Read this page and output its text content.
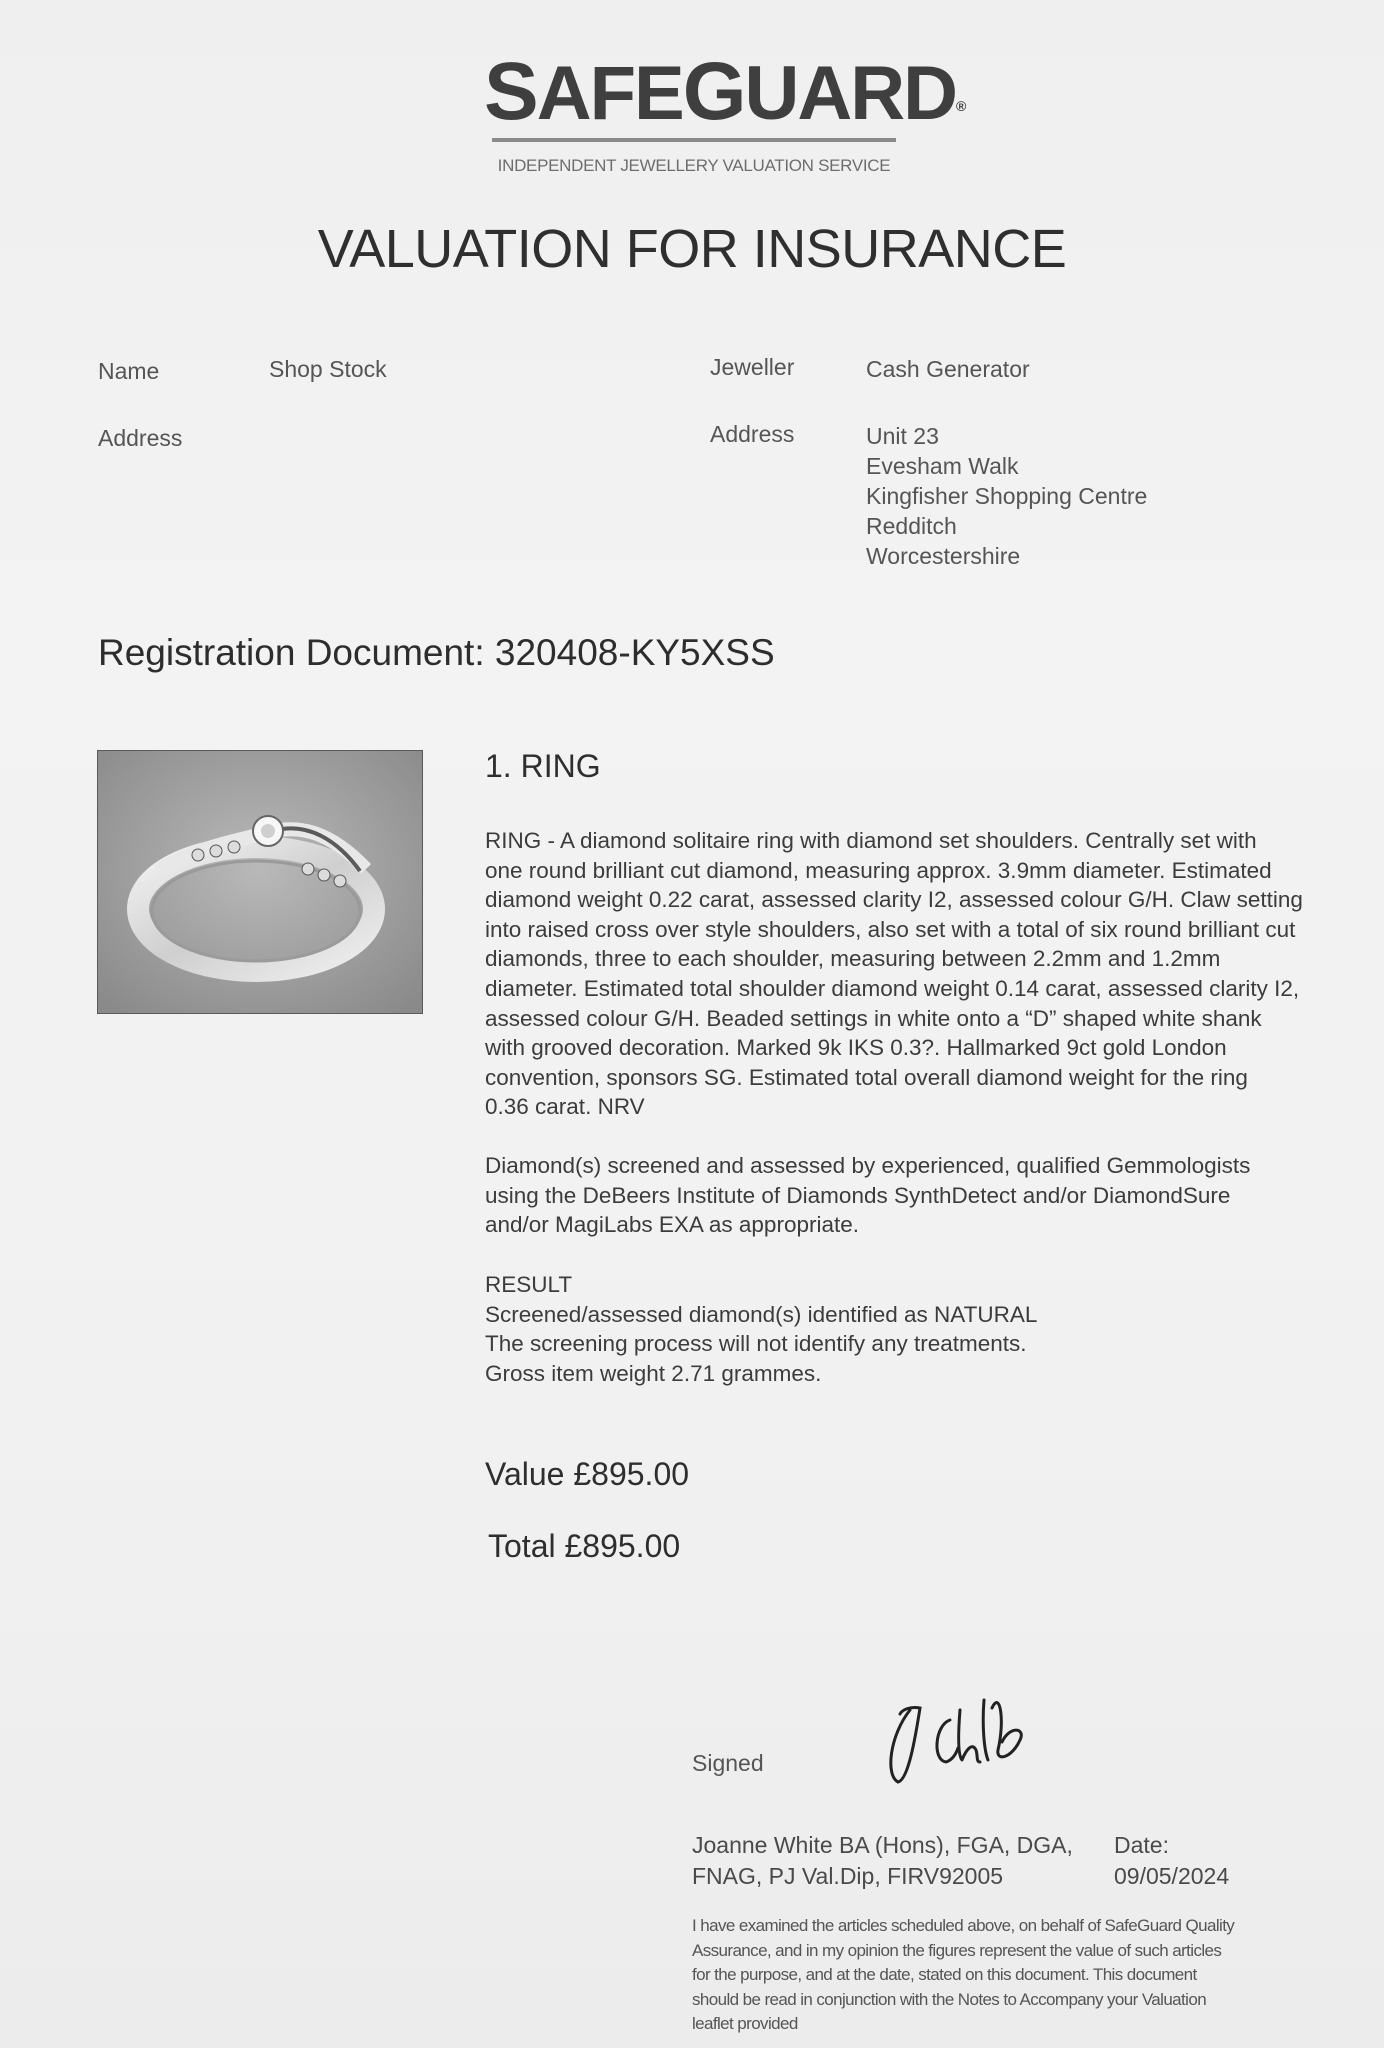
SAFEGUARD®
INDEPENDENT JEWELLERY VALUATION SERVICE
VALUATION FOR INSURANCE
Name	Shop Stock
Address
Jeweller	Cash Generator
Address	Unit 23
Evesham Walk
Kingfisher Shopping Centre
Redditch
Worcestershire
Registration Document: 320408-KY5XSS
1. RING
RING - A diamond solitaire ring with diamond set shoulders. Centrally set with
one round brilliant cut diamond, measuring approx. 3.9mm diameter. Estimated
diamond weight 0.22 carat, assessed clarity I2, assessed colour G/H. Claw setting
into raised cross over style shoulders, also set with a total of six round brilliant cut
diamonds, three to each shoulder, measuring between 2.2mm and 1.2mm
diameter. Estimated total shoulder diamond weight 0.14 carat, assessed clarity I2,
assessed colour G/H. Beaded settings in white onto a “D” shaped white shank
with grooved decoration. Marked 9k IKS 0.3?. Hallmarked 9ct gold London
convention, sponsors SG. Estimated total overall diamond weight for the ring
0.36 carat. NRV
Diamond(s) screened and assessed by experienced, qualified Gemmologists
using the DeBeers Institute of Diamonds SynthDetect and/or DiamondSure
and/or MagiLabs EXA as appropriate.
RESULT
Screened/assessed diamond(s) identified as NATURAL
The screening process will not identify any treatments.
Gross item weight 2.71 grammes.
Value £895.00
Total £895.00
Signed
Joanne White BA (Hons), FGA, DGA,
FNAG, PJ Val.Dip, FIRV92005
Date:
09/05/2024
I have examined the articles scheduled above, on behalf of SafeGuard Quality
Assurance, and in my opinion the figures represent the value of such articles
for the purpose, and at the date, stated on this document. This document
should be read in conjunction with the Notes to Accompany your Valuation
leaflet provided
